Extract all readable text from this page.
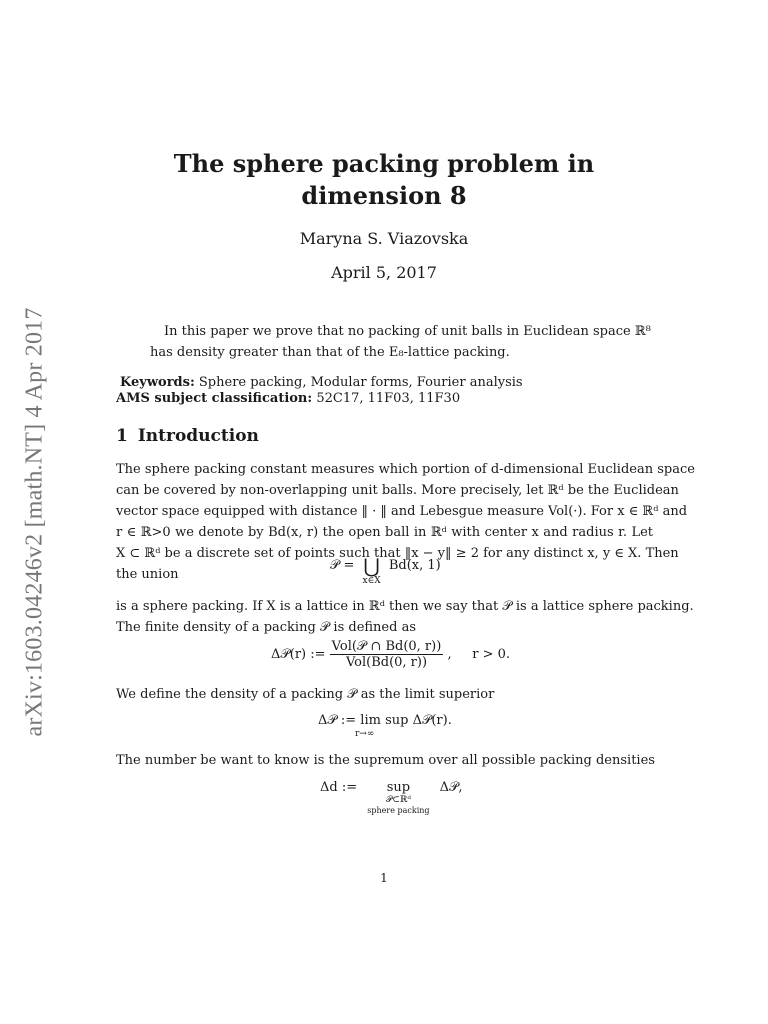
arXiv:1603.04246v2 [math.NT] 4 Apr 2017
The sphere packing problem in
dimension 8
Maryna S. Viazovska
April 5, 2017
In this paper we prove that no packing of unit balls in Euclidean space ℝ⁸
has density greater than that of the E₈-lattice packing.
Keywords: Sphere packing, Modular forms, Fourier analysis
AMS subject classification: 52C17, 11F03, 11F30
1 Introduction
The sphere packing constant measures which portion of d-dimensional Euclidean space
can be covered by non-overlapping unit balls. More precisely, let ℝᵈ be the Euclidean
vector space equipped with distance ‖ · ‖ and Lebesgue measure Vol(·). For x ∈ ℝᵈ and
r ∈ ℝ>0 we denote by Bd(x, r) the open ball in ℝᵈ with center x and radius r. Let
X ⊂ ℝᵈ be a discrete set of points such that ‖x − y‖ ≥ 2 for any distinct x, y ∈ X. Then
the union
𝒫 = ⋃
x∈X
Bd(x, 1)
is a sphere packing. If X is a lattice in ℝᵈ then we say that 𝒫 is a lattice sphere packing.
The finite density of a packing 𝒫 is defined as
Δ𝒫(r) := $\frac{\text{Vol(𝒫 ∩ Bd(0, r))}}{\text{Vol(Bd(0, r))}}$ ,     r > 0.
We define the density of a packing 𝒫 as the limit superior
Δ𝒫 := lim sup Δ𝒫(r).
r→∞
The number be want to know is the supremum over all possible packing densities
Δd :=	sup
𝒫⊂ℝᵈ
sphere packing
Δ𝒫,
1
